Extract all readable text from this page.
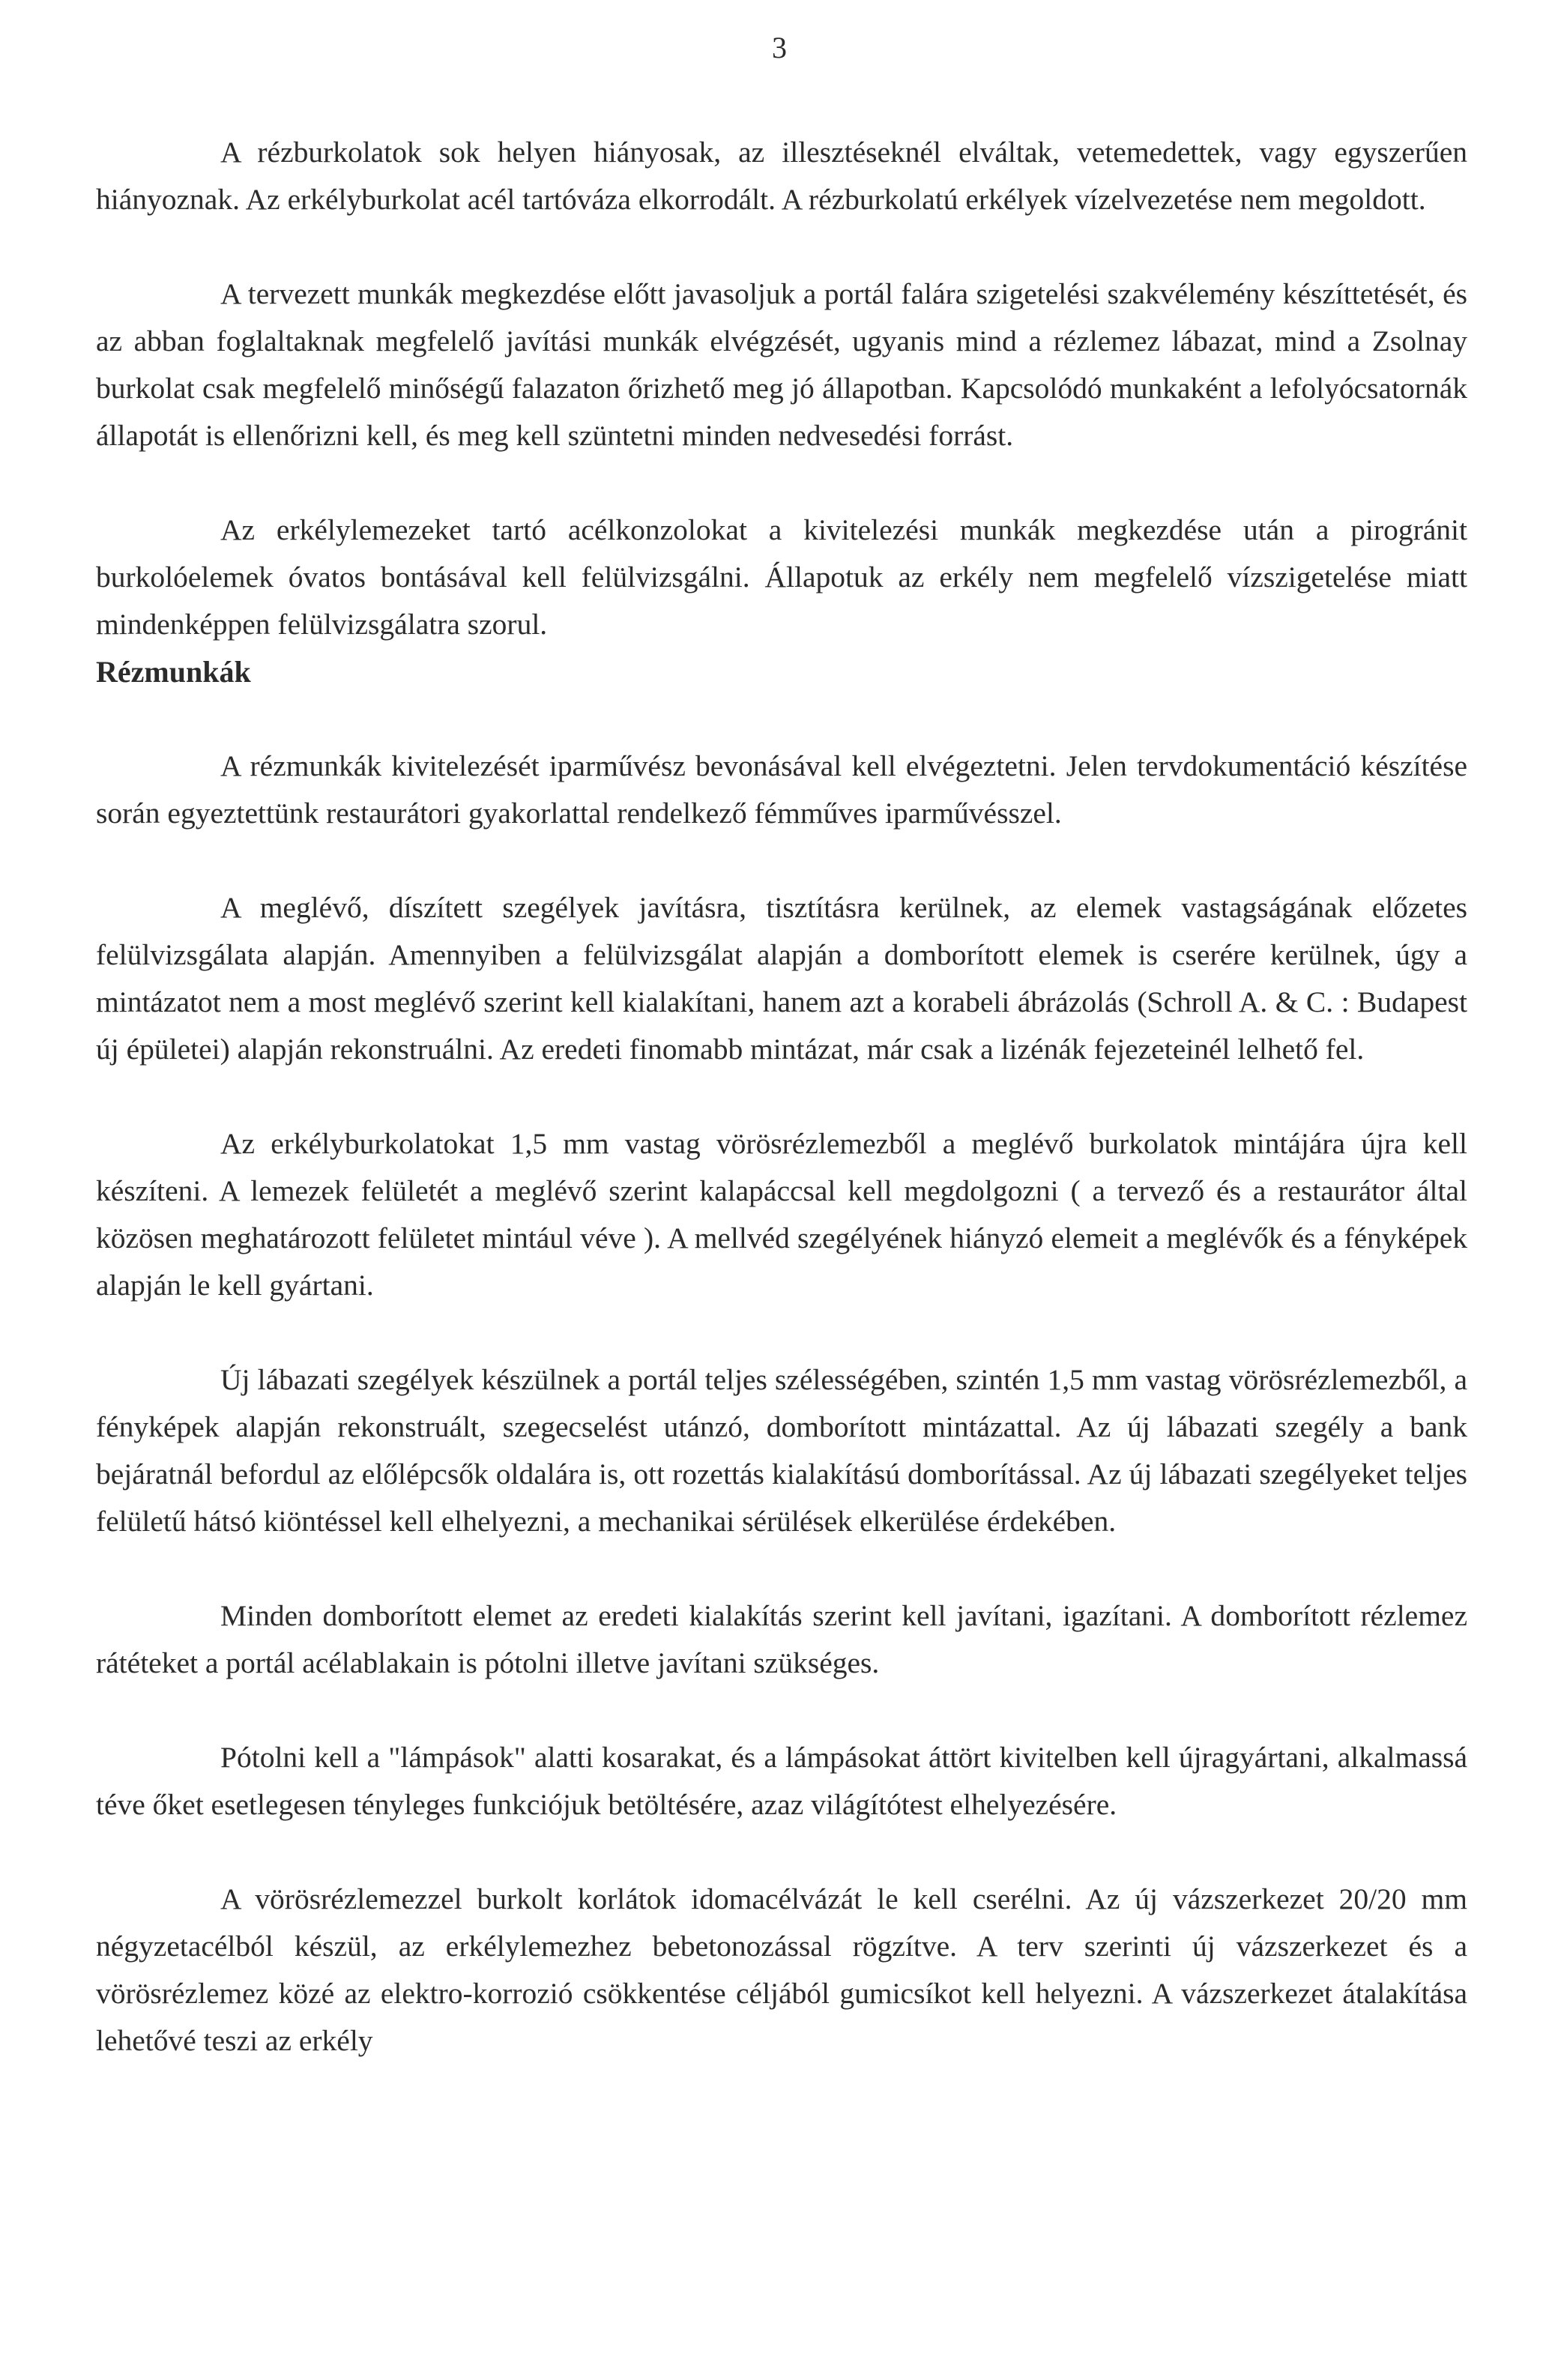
3

A rézburkolatok sok helyen hiányosak, az illesztéseknél elváltak, vetemedettek, vagy egyszerűen hiányoznak. Az erkélyburkolat acél tartóváza elkorrodált. A rézburkolatú erkélyek vízelvezetése nem megoldott.

A tervezett munkák megkezdése előtt javasoljuk a portál falára szigetelési szakvélemény készíttetését, és az abban foglaltaknak megfelelő javítási munkák elvégzését, ugyanis mind a rézlemez lábazat, mind a Zsolnay burkolat csak megfelelő minőségű falazaton őrizhető meg jó állapotban. Kapcsolódó munkaként a lefolyócsatornák állapotát is ellenőrizni kell, és meg kell szüntetni minden nedvesedési forrást.

Az erkélylemezeket tartó acélkonzolokat a kivitelezési munkák megkezdése után a pirogránit burkolóelemek óvatos bontásával kell felülvizsgálni. Állapotuk az erkély nem megfelelő vízszigetelése miatt mindenképpen felülvizsgálatra szorul.

Rézmunkák

A rézmunkák kivitelezését iparművész bevonásával kell elvégeztetni. Jelen tervdokumentáció készítése során egyeztettünk restaurátori gyakorlattal rendelkező fémműves iparművésszel.

A meglévő, díszített szegélyek javításra, tisztításra kerülnek, az elemek vastagságának előzetes felülvizsgálata alapján. Amennyiben a felülvizsgálat alapján a domborított elemek is cserére kerülnek, úgy a mintázatot nem a most meglévő szerint kell kialakítani, hanem azt a korabeli ábrázolás (Schroll A. & C. : Budapest új épületei) alapján rekonstruálni. Az eredeti finomabb mintázat, már csak a lizénák fejezeteinél lelhető fel.

Az erkélyburkolatokat 1,5 mm vastag vörösrézlemezből a meglévő burkolatok mintájára újra kell készíteni. A lemezek felületét a meglévő szerint kalapáccsal kell megdolgozni ( a tervező és a restaurátor által közösen meghatározott felületet mintául véve ). A mellvéd szegélyének hiányzó elemeit a meglévők és a fényképek alapján le kell gyártani.

Új lábazati szegélyek készülnek a portál teljes szélességében, szintén 1,5 mm vastag vörösrézlemezből, a fényképek alapján rekonstruált, szegecselést utánzó, domborított mintázattal. Az új lábazati szegély a bank bejáratnál befordul az előlépcsők oldalára is, ott rozettás kialakítású domborítással. Az új lábazati szegélyeket teljes felületű hátsó kiöntéssel kell elhelyezni, a mechanikai sérülések elkerülése érdekében.

Minden domborított elemet az eredeti kialakítás szerint kell javítani, igazítani. A domborított rézlemez rátéteket a portál acélablakain is pótolni illetve javítani szükséges.

Pótolni kell a "lámpások" alatti kosarakat, és a lámpásokat áttört kivitelben kell újragyártani, alkalmassá téve őket esetlegesen tényleges funkciójuk betöltésére, azaz világítótest elhelyezésére.

A vörösrézlemezzel burkolt korlátok idomacélvázát le kell cserélni. Az új vázszerkezet 20/20 mm négyzetacélból készül, az erkélylemezhez bebetonozással rögzítve. A terv szerinti új vázszerkezet és a vörösrézlemez közé az elektro-korrozió csökkentése céljából gumicsíkot kell helyezni. A vázszerkezet átalakítása lehetővé teszi az erkély
